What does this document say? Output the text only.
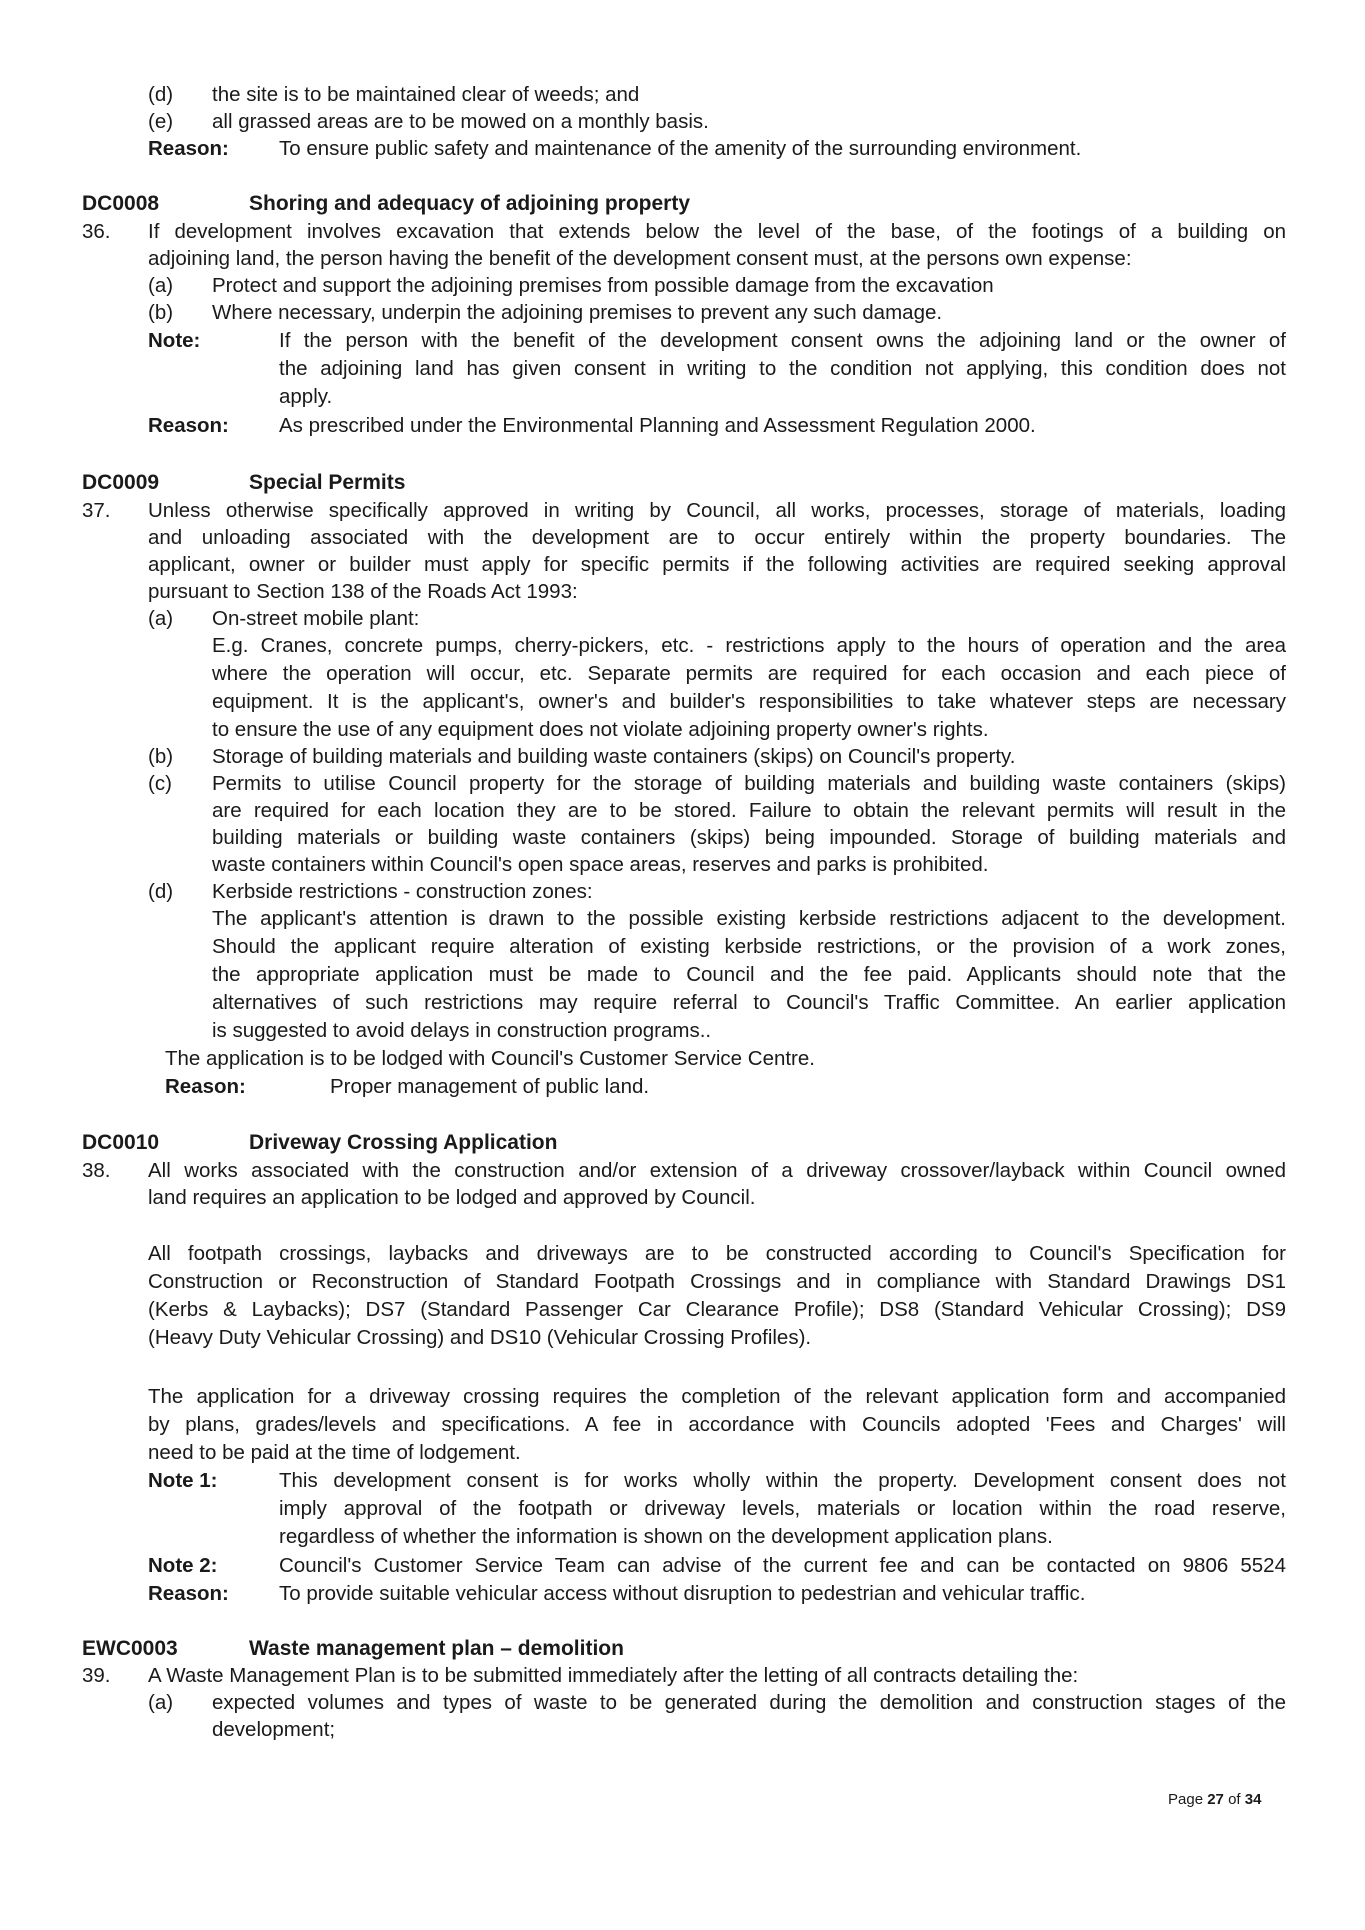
(d) the site is to be maintained clear of weeds; and
(e) all grassed areas are to be mowed on a monthly basis.
Reason: To ensure public safety and maintenance of the amenity of the surrounding environment.
DC0008	Shoring and adequacy of adjoining property
36. If development involves excavation that extends below the level of the base, of the footings of a building on
adjoining land, the person having the benefit of the development consent must, at the persons own expense:
(a) Protect and support the adjoining premises from possible damage from the excavation
(b) Where necessary, underpin the adjoining premises to prevent any such damage.
Note:	If the person with the benefit of the development consent owns the adjoining land or the owner of
the adjoining land has given consent in writing to the condition not applying, this condition does not
apply.
Reason: As prescribed under the Environmental Planning and Assessment Regulation 2000.
DC0009	Special Permits
37. Unless otherwise specifically approved in writing by Council, all works, processes, storage of materials, loading
and unloading associated with the development are to occur entirely within the property boundaries. The
applicant, owner or builder must apply for specific permits if the following activities are required seeking approval
pursuant to Section 138 of the Roads Act 1993:
(a) On-street mobile plant:
E.g. Cranes, concrete pumps, cherry-pickers, etc. - restrictions apply to the hours of operation and the area
where the operation will occur, etc. Separate permits are required for each occasion and each piece of
equipment. It is the applicant's, owner's and builder's responsibilities to take whatever steps are necessary
to ensure the use of any equipment does not violate adjoining property owner's rights.
(b) Storage of building materials and building waste containers (skips) on Council's property.
(c) Permits to utilise Council property for the storage of building materials and building waste containers (skips)
are required for each location they are to be stored. Failure to obtain the relevant permits will result in the
building materials or building waste containers (skips) being impounded. Storage of building materials and
waste containers within Council's open space areas, reserves and parks is prohibited.
(d) Kerbside restrictions - construction zones:
The applicant's attention is drawn to the possible existing kerbside restrictions adjacent to the development.
Should the applicant require alteration of existing kerbside restrictions, or the provision of a work zones,
the appropriate application must be made to Council and the fee paid. Applicants should note that the
alternatives of such restrictions may require referral to Council's Traffic Committee. An earlier application
is suggested to avoid delays in construction programs..
The application is to be lodged with Council's Customer Service Centre.
Reason:	Proper management of public land.
DC0010	Driveway Crossing Application
38. All works associated with the construction and/or extension of a driveway crossover/layback within Council owned
land requires an application to be lodged and approved by Council.
All footpath crossings, laybacks and driveways are to be constructed according to Council's Specification for
Construction or Reconstruction of Standard Footpath Crossings and in compliance with Standard Drawings DS1
(Kerbs & Laybacks); DS7 (Standard Passenger Car Clearance Profile); DS8 (Standard Vehicular Crossing); DS9
(Heavy Duty Vehicular Crossing) and DS10 (Vehicular Crossing Profiles).
The application for a driveway crossing requires the completion of the relevant application form and accompanied
by plans, grades/levels and specifications. A fee in accordance with Councils adopted 'Fees and Charges' will
need to be paid at the time of lodgement.
Note 1:	This development consent is for works wholly within the property. Development consent does not
imply approval of the footpath or driveway levels, materials or location within the road reserve,
regardless of whether the information is shown on the development application plans.
Note 2:	Council's Customer Service Team can advise of the current fee and can be contacted on 9806 5524
Reason: To provide suitable vehicular access without disruption to pedestrian and vehicular traffic.
EWC0003	Waste management plan – demolition
39. A Waste Management Plan is to be submitted immediately after the letting of all contracts detailing the:
(a) expected volumes and types of waste to be generated during the demolition and construction stages of the
development;
Page 27 of 34
